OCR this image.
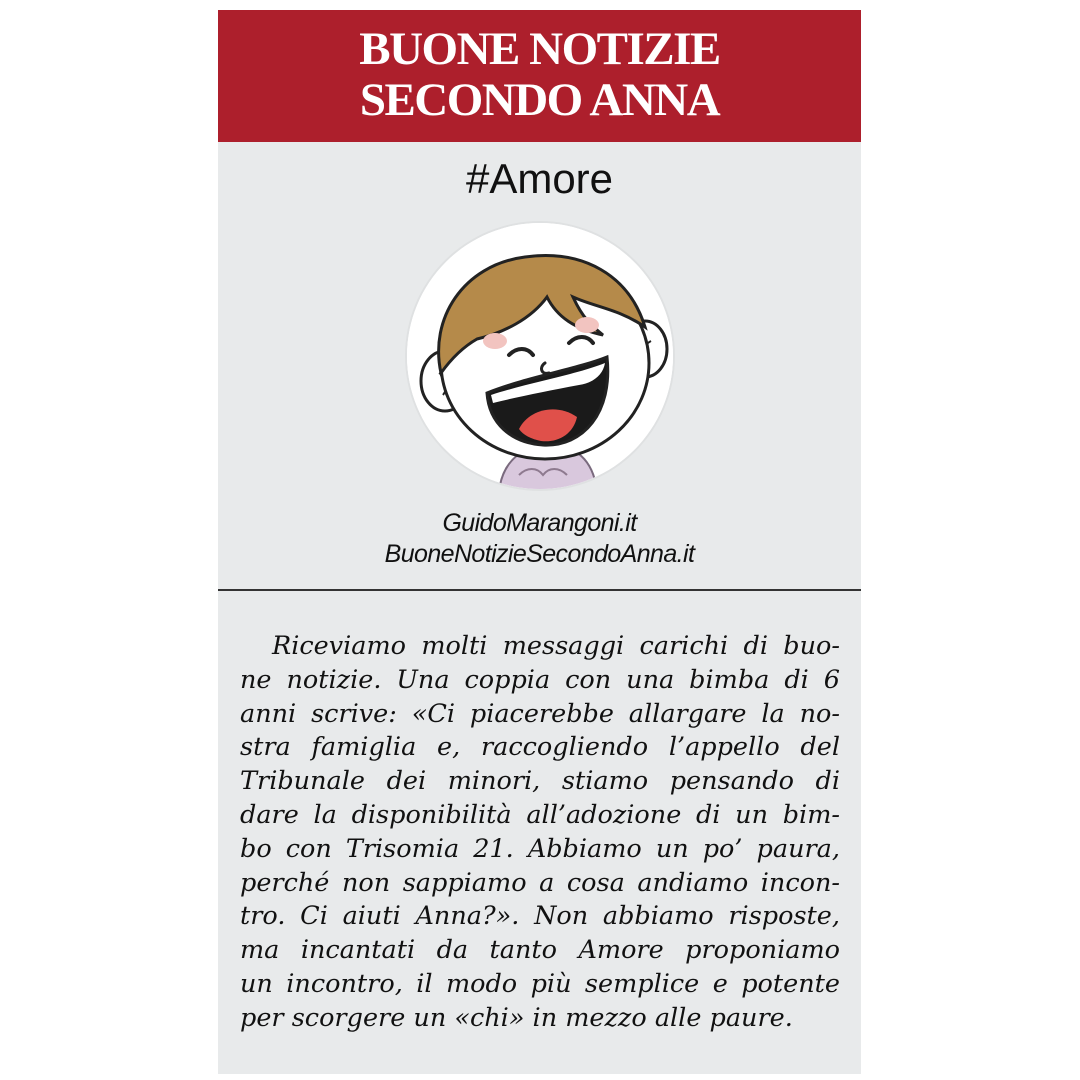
BUONE NOTIZIE
SECONDO ANNA
#Amore
GuidoMarangoni.it
BuoneNotizieSecondoAnna.it
Riceviamo molti messaggi carichi di buo-
ne notizie. Una coppia con una bimba di 6
anni scrive: «Ci piacerebbe allargare la no-
stra famiglia e, raccogliendo l’appello del
Tribunale dei minori, stiamo pensando di
dare la disponibilità all’adozione di un bim-
bo con Trisomia 21. Abbiamo un po’ paura,
perché non sappiamo a cosa andiamo incon-
tro. Ci aiuti Anna?». Non abbiamo risposte,
ma incantati da tanto Amore proponiamo
un incontro, il modo più semplice e potente
per scorgere un «chi» in mezzo alle paure.
